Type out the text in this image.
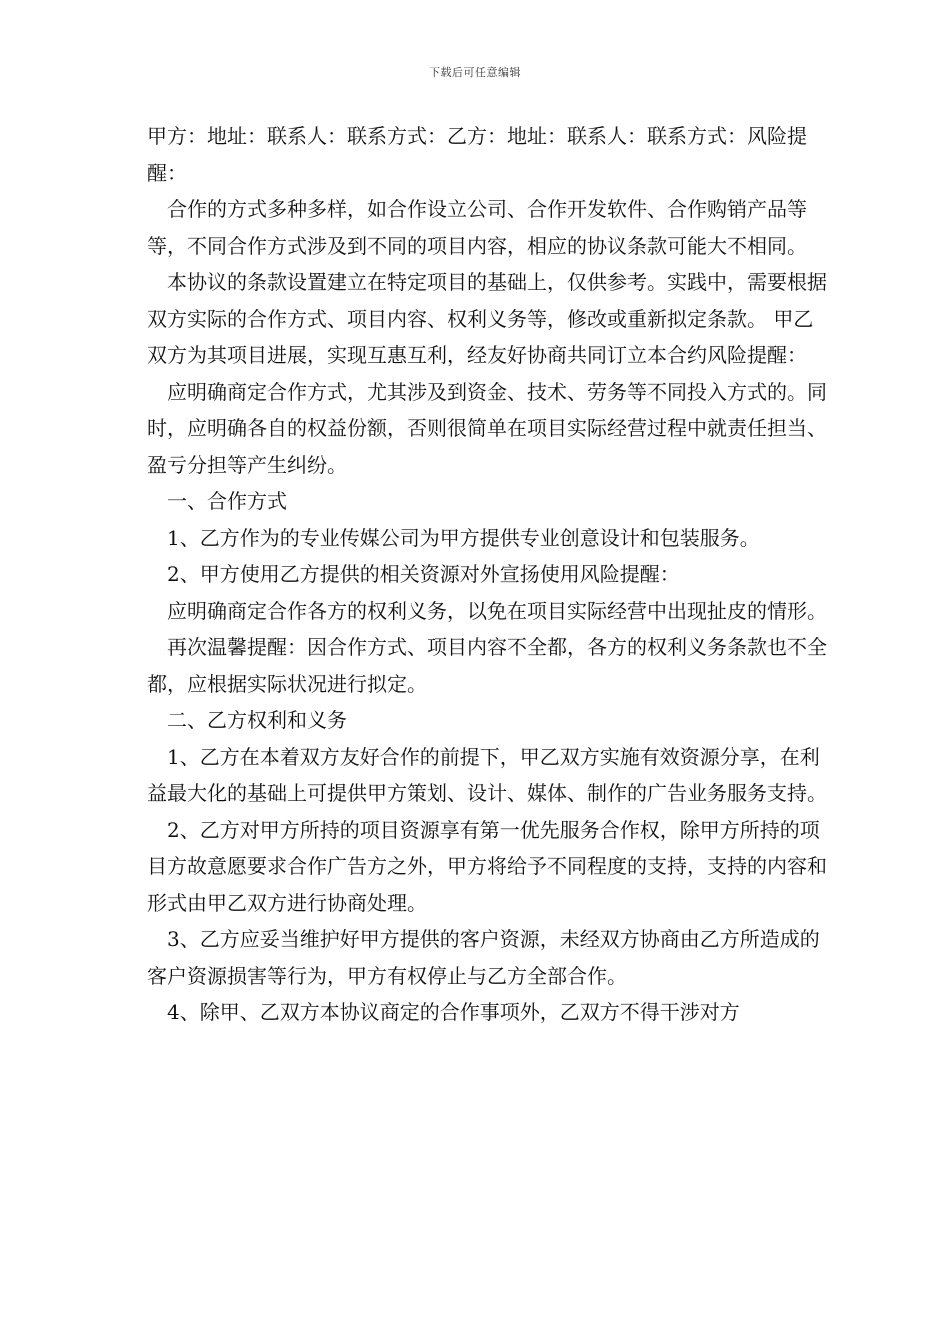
下载后可任意编辑

甲方：地址：联系人：联系方式：乙方：地址：联系人：联系方式：风险提醒：

合作的方式多种多样，如合作设立公司、合作开发软件、合作购销产品等等，不同合作方式涉及到不同的项目内容，相应的协议条款可能大不相同。

本协议的条款设置建立在特定项目的基础上，仅供参考。实践中，需要根据双方实际的合作方式、项目内容、权利义务等，修改或重新拟定条款。 甲乙双方为其项目进展，实现互惠互利，经友好协商共同订立本合约风险提醒：

应明确商定合作方式，尤其涉及到资金、技术、劳务等不同投入方式的。同时，应明确各自的权益份额，否则很简单在项目实际经营过程中就责任担当、盈亏分担等产生纠纷。

一、合作方式

1、乙方作为的专业传媒公司为甲方提供专业创意设计和包装服务。

2、甲方使用乙方提供的相关资源对外宣扬使用风险提醒：

应明确商定合作各方的权利义务，以免在项目实际经营中出现扯皮的情形。

再次温馨提醒：因合作方式、项目内容不全都，各方的权利义务条款也不全都，应根据实际状况进行拟定。

二、乙方权利和义务

1、乙方在本着双方友好合作的前提下，甲乙双方实施有效资源分享，在利益最大化的基础上可提供甲方策划、设计、媒体、制作的广告业务服务支持。

2、乙方对甲方所持的项目资源享有第一优先服务合作权，除甲方所持的项目方故意愿要求合作广告方之外，甲方将给予不同程度的支持，支持的内容和形式由甲乙双方进行协商处理。

3、乙方应妥当维护好甲方提供的客户资源，未经双方协商由乙方所造成的客户资源损害等行为，甲方有权停止与乙方全部合作。

4、除甲、乙双方本协议商定的合作事项外，乙双方不得干涉对方
